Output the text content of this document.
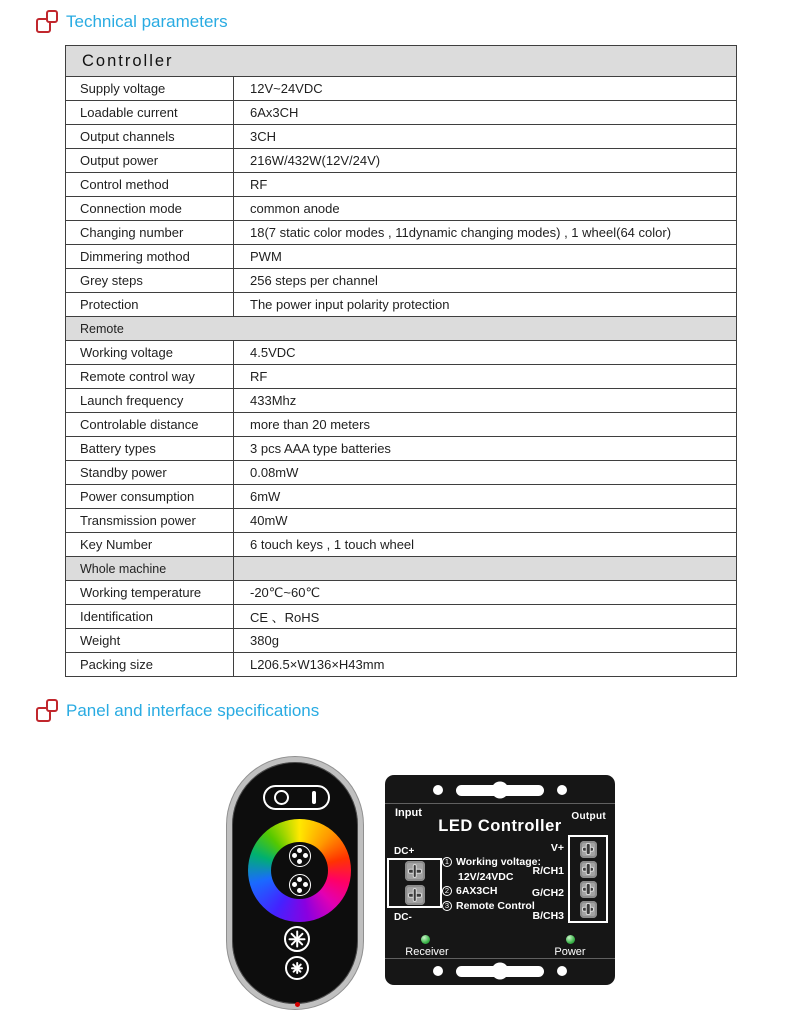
Technical parameters
Controller	
Supply voltage	12V~24VDC
Loadable current	6Ax3CH
Output channels	3CH
Output power	216W/432W(12V/24V)
Control method	RF
Connection mode	common anode
Changing number	18(7 static color modes , 11dynamic changing modes) , 1 wheel(64 color)
Dimmering mothod	PWM
Grey steps	256 steps per channel
Protection	The power input polarity protection
Remote	
Working voltage	4.5VDC
Remote control way	RF
Launch frequency	433Mhz
Controlable distance	more than 20 meters
Battery types	3 pcs AAA type batteries
Standby power	0.08mW
Power consumption	6mW
Transmission power	40mW
Key Number	6 touch keys , 1 touch wheel
Whole machine	
Working temperature	-20℃~60℃
Identification	CE 、RoHS
Weight	380g
Packing size	L206.5×W136×H43mm
Panel and interface specifications
Input	Output
LED Controller
DC+
DC-
1 Working voltage:
12V/24VDC
2 6AX3CH
3 Remote Control
V+
R/CH1
G/CH2
B/CH3
Receiver	Power
